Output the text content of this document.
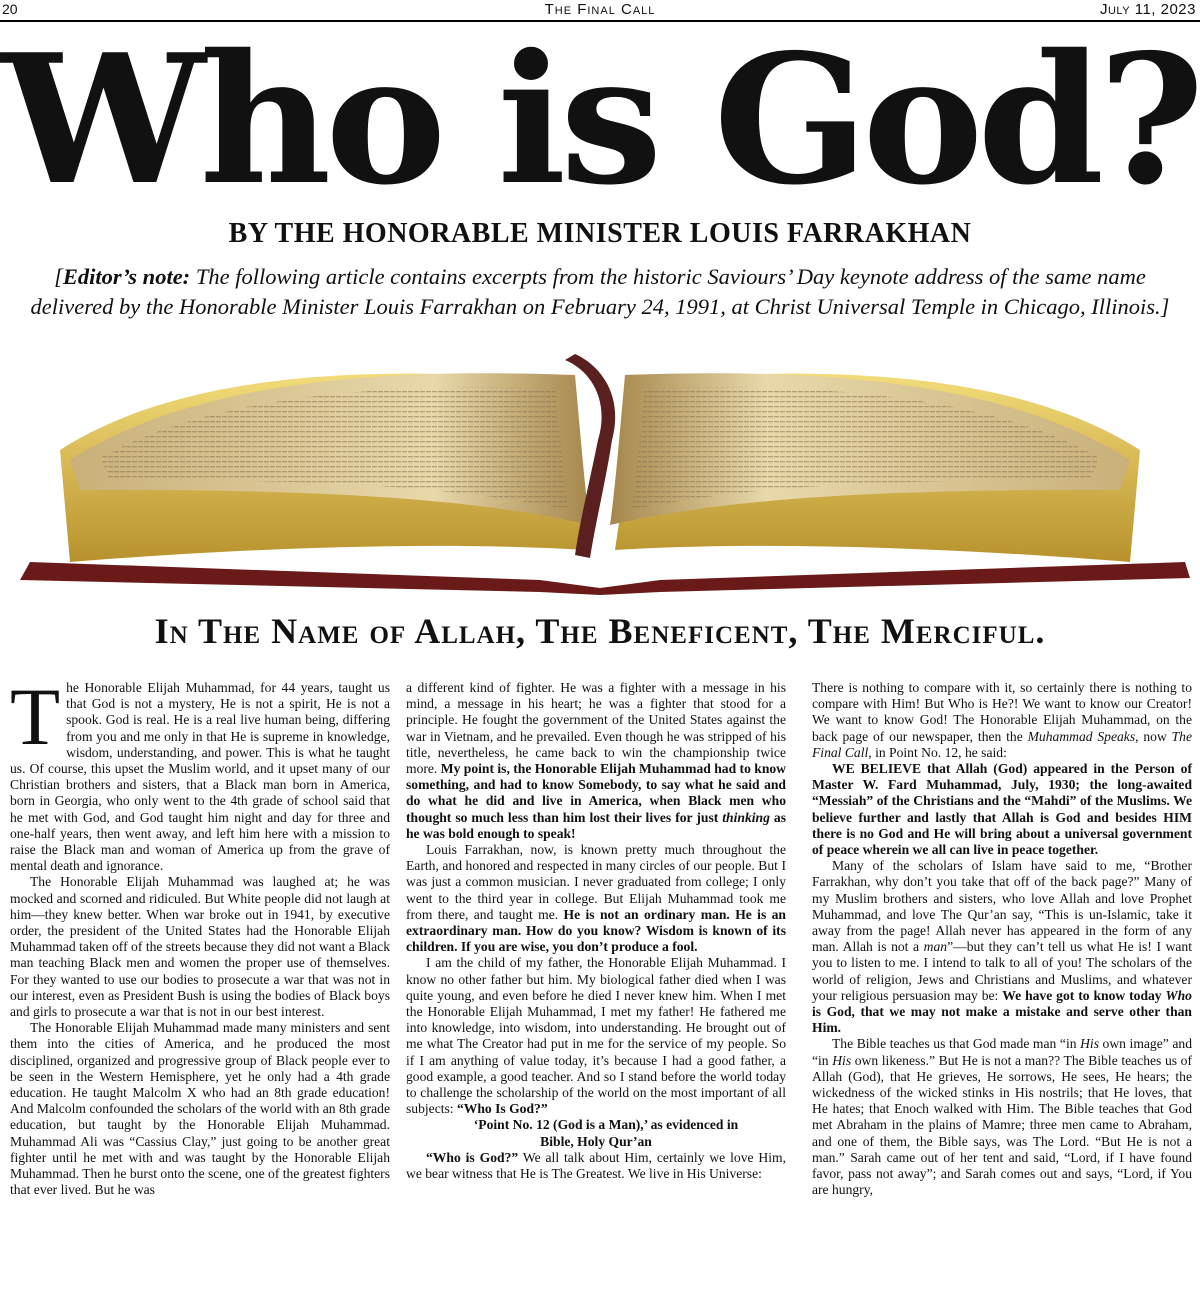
20	The Final Call	July 11, 2023
Who is God?
BY THE HONORABLE MINISTER LOUIS FARRAKHAN
[Editor’s note: The following article contains excerpts from the historic Saviours’ Day keynote address of the same name delivered by the Honorable Minister Louis Farrakhan on February 24, 1991, at Christ Universal Temple in Chicago, Illinois.]
In The Name of Allah, The Beneficent, The Merciful.

The Honorable Elijah Muhammad, for 44 years, taught us that God is not a mystery, He is not a spirit, He is not a spook. God is real. He is a real live human being, differing from you and me only in that He is supreme in knowledge, wisdom, understanding, and power. This is what he taught us. Of course, this upset the Muslim world, and it upset many of our Christian brothers and sisters, that a Black man born in America, born in Georgia, who only went to the 4th grade of school said that he met with God, and God taught him night and day for three and one-half years, then went away, and left him here with a mission to raise the Black man and woman of America up from the grave of mental death and ignorance.

The Honorable Elijah Muhammad was laughed at; he was mocked and scorned and ridiculed. But White people did not laugh at him—they knew better. When war broke out in 1941, by executive order, the president of the United States had the Honorable Elijah Muhammad taken off of the streets because they did not want a Black man teaching Black men and women the proper use of themselves. For they wanted to use our bodies to prosecute a war that was not in our interest, even as President Bush is using the bodies of Black boys and girls to prosecute a war that is not in our best interest.

The Honorable Elijah Muhammad made many ministers and sent them into the cities of America, and he produced the most disciplined, organized and progressive group of Black people ever to be seen in the Western Hemisphere, yet he only had a 4th grade education. He taught Malcolm X who had an 8th grade education! And Malcolm confounded the scholars of the world with an 8th grade education, but taught by the Honorable Elijah Muhammad. Muhammad Ali was “Cassius Clay,” just going to be another great fighter until he met with and was taught by the Honorable Elijah Muhammad. Then he burst onto the scene, one of the greatest fighters that ever lived. But he was

a different kind of fighter. He was a fighter with a message in his mind, a message in his heart; he was a fighter that stood for a principle. He fought the government of the United States against the war in Vietnam, and he prevailed. Even though he was stripped of his title, nevertheless, he came back to win the championship twice more. My point is, the Honorable Elijah Muhammad had to know something, and had to know Somebody, to say what he said and do what he did and live in America, when Black men who thought so much less than him lost their lives for just thinking as he was bold enough to speak!

Louis Farrakhan, now, is known pretty much throughout the Earth, and honored and respected in many circles of our people. But I was just a common musician. I never graduated from college; I only went to the third year in college. But Elijah Muhammad took me from there, and taught me. He is not an ordinary man. He is an extraordinary man. How do you know? Wisdom is known of its children. If you are wise, you don’t produce a fool.

I am the child of my father, the Honorable Elijah Muhammad. I know no other father but him. My biological father died when I was quite young, and even before he died I never knew him. When I met the Honorable Elijah Muhammad, I met my father! He fathered me into knowledge, into wisdom, into understanding. He brought out of me what The Creator had put in me for the service of my people. So if I am anything of value today, it’s because I had a good father, a good example, a good teacher. And so I stand before the world today to challenge the scholarship of the world on the most important of all subjects: “Who Is God?”

‘Point No. 12 (God is a Man),’ as evidenced in
Bible, Holy Qur’an

“Who is God?” We all talk about Him, certainly we love Him, we bear witness that He is The Greatest. We live in His Universe:

There is nothing to compare with it, so certainly there is nothing to compare with Him! But Who is He?! We want to know our Creator! We want to know God! The Honorable Elijah Muhammad, on the back page of our newspaper, then the Muhammad Speaks, now The Final Call, in Point No. 12, he said:

WE BELIEVE that Allah (God) appeared in the Person of Master W. Fard Muhammad, July, 1930; the long-awaited “Messiah” of the Christians and the “Mahdi” of the Muslims. We believe further and lastly that Allah is God and besides HIM there is no God and He will bring about a universal government of peace wherein we all can live in peace together.

Many of the scholars of Islam have said to me, “Brother Farrakhan, why don’t you take that off of the back page?” Many of my Muslim brothers and sisters, who love Allah and love Prophet Muhammad, and love The Qur’an say, “This is un-Islamic, take it away from the page! Allah never has appeared in the form of any man. Allah is not a man”—but they can’t tell us what He is! I want you to listen to me. I intend to talk to all of you! The scholars of the world of religion, Jews and Christians and Muslims, and whatever your religious persuasion may be: We have got to know today Who is God, that we may not make a mistake and serve other than Him.

The Bible teaches us that God made man “in His own image” and “in His own likeness.” But He is not a man?? The Bible teaches us of Allah (God), that He grieves, He sorrows, He sees, He hears; the wickedness of the wicked stinks in His nostrils; that He loves, that He hates; that Enoch walked with Him. The Bible teaches that God met Abraham in the plains of Mamre; three men came to Abraham, and one of them, the Bible says, was The Lord. “But He is not a man.” Sarah came out of her tent and said, “Lord, if I have found favor, pass not away”; and Sarah comes out and says, “Lord, if You are hungry,
